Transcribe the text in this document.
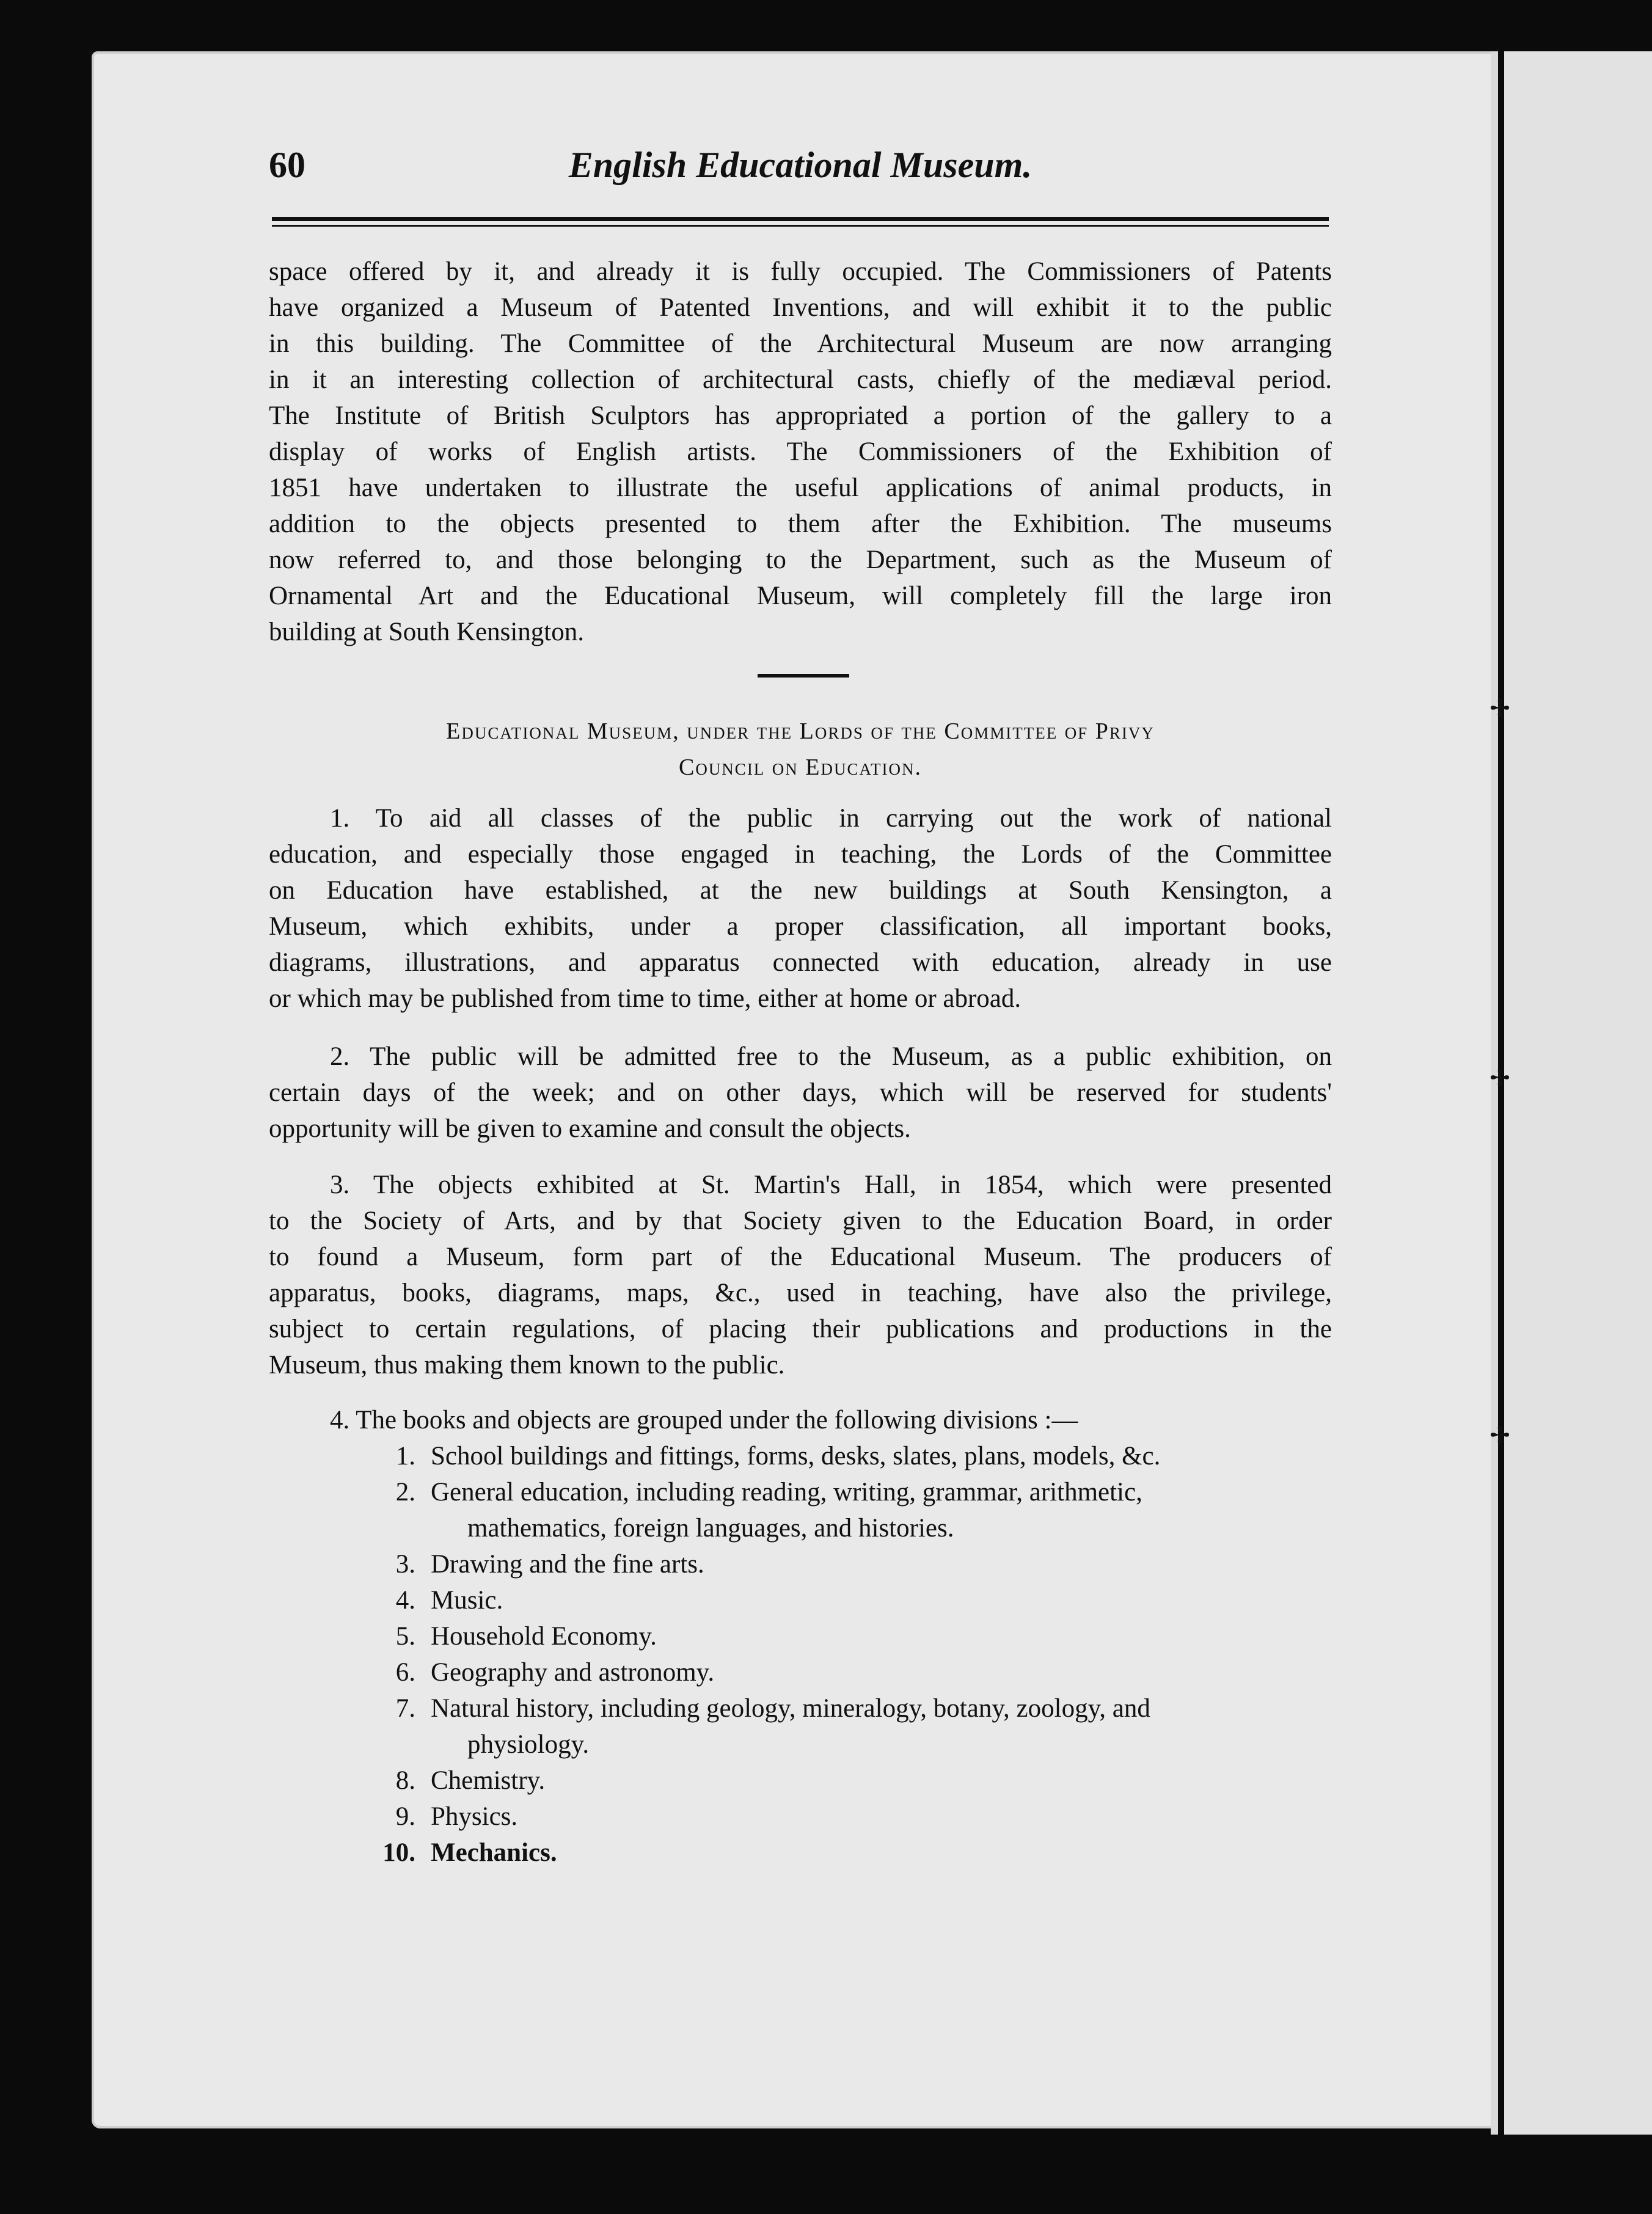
✢
✢
✢
60	English Educational Museum.
space offered by it, and already it is fully occupied. The Commissioners of Patents
have organized a Museum of Patented Inventions, and will exhibit it to the public
in this building. The Committee of the Architectural Museum are now arranging
in it an interesting collection of architectural casts, chiefly of the mediæval period.
The Institute of British Sculptors has appropriated a portion of the gallery to a
display of works of English artists. The Commissioners of the Exhibition of
1851 have undertaken to illustrate the useful applications of animal products, in
addition to the objects presented to them after the Exhibition. The museums
now referred to, and those belonging to the Department, such as the Museum of
Ornamental Art and the Educational Museum, will completely fill the large iron
building at South Kensington.
Educational Museum, under the Lords of the Committee of Privy
Council on Education.
1. To aid all classes of the public in carrying out the work of national
education, and especially those engaged in teaching, the Lords of the Committee
on Education have established, at the new buildings at South Kensington, a
Museum, which exhibits, under a proper classification, all important books,
diagrams, illustrations, and apparatus connected with education, already in use
or which may be published from time to time, either at home or abroad.
2. The public will be admitted free to the Museum, as a public exhibition, on
certain days of the week; and on other days, which will be reserved for students'
opportunity will be given to examine and consult the objects.
3. The objects exhibited at St. Martin's Hall, in 1854, which were presented
to the Society of Arts, and by that Society given to the Education Board, in order
to found a Museum, form part of the Educational Museum. The producers of
apparatus, books, diagrams, maps, &c., used in teaching, have also the privilege,
subject to certain regulations, of placing their publications and productions in the
Museum, thus making them known to the public.
4. The books and objects are grouped under the following divisions :—
1. School buildings and fittings, forms, desks, slates, plans, models, &c.
2. General education, including reading, writing, grammar, arithmetic,
mathematics, foreign languages, and histories.
3. Drawing and the fine arts.
4. Music.
5. Household Economy.
6. Geography and astronomy.
7. Natural history, including geology, mineralogy, botany, zoology, and
physiology.
8. Chemistry.
9. Physics.
10. Mechanics.
